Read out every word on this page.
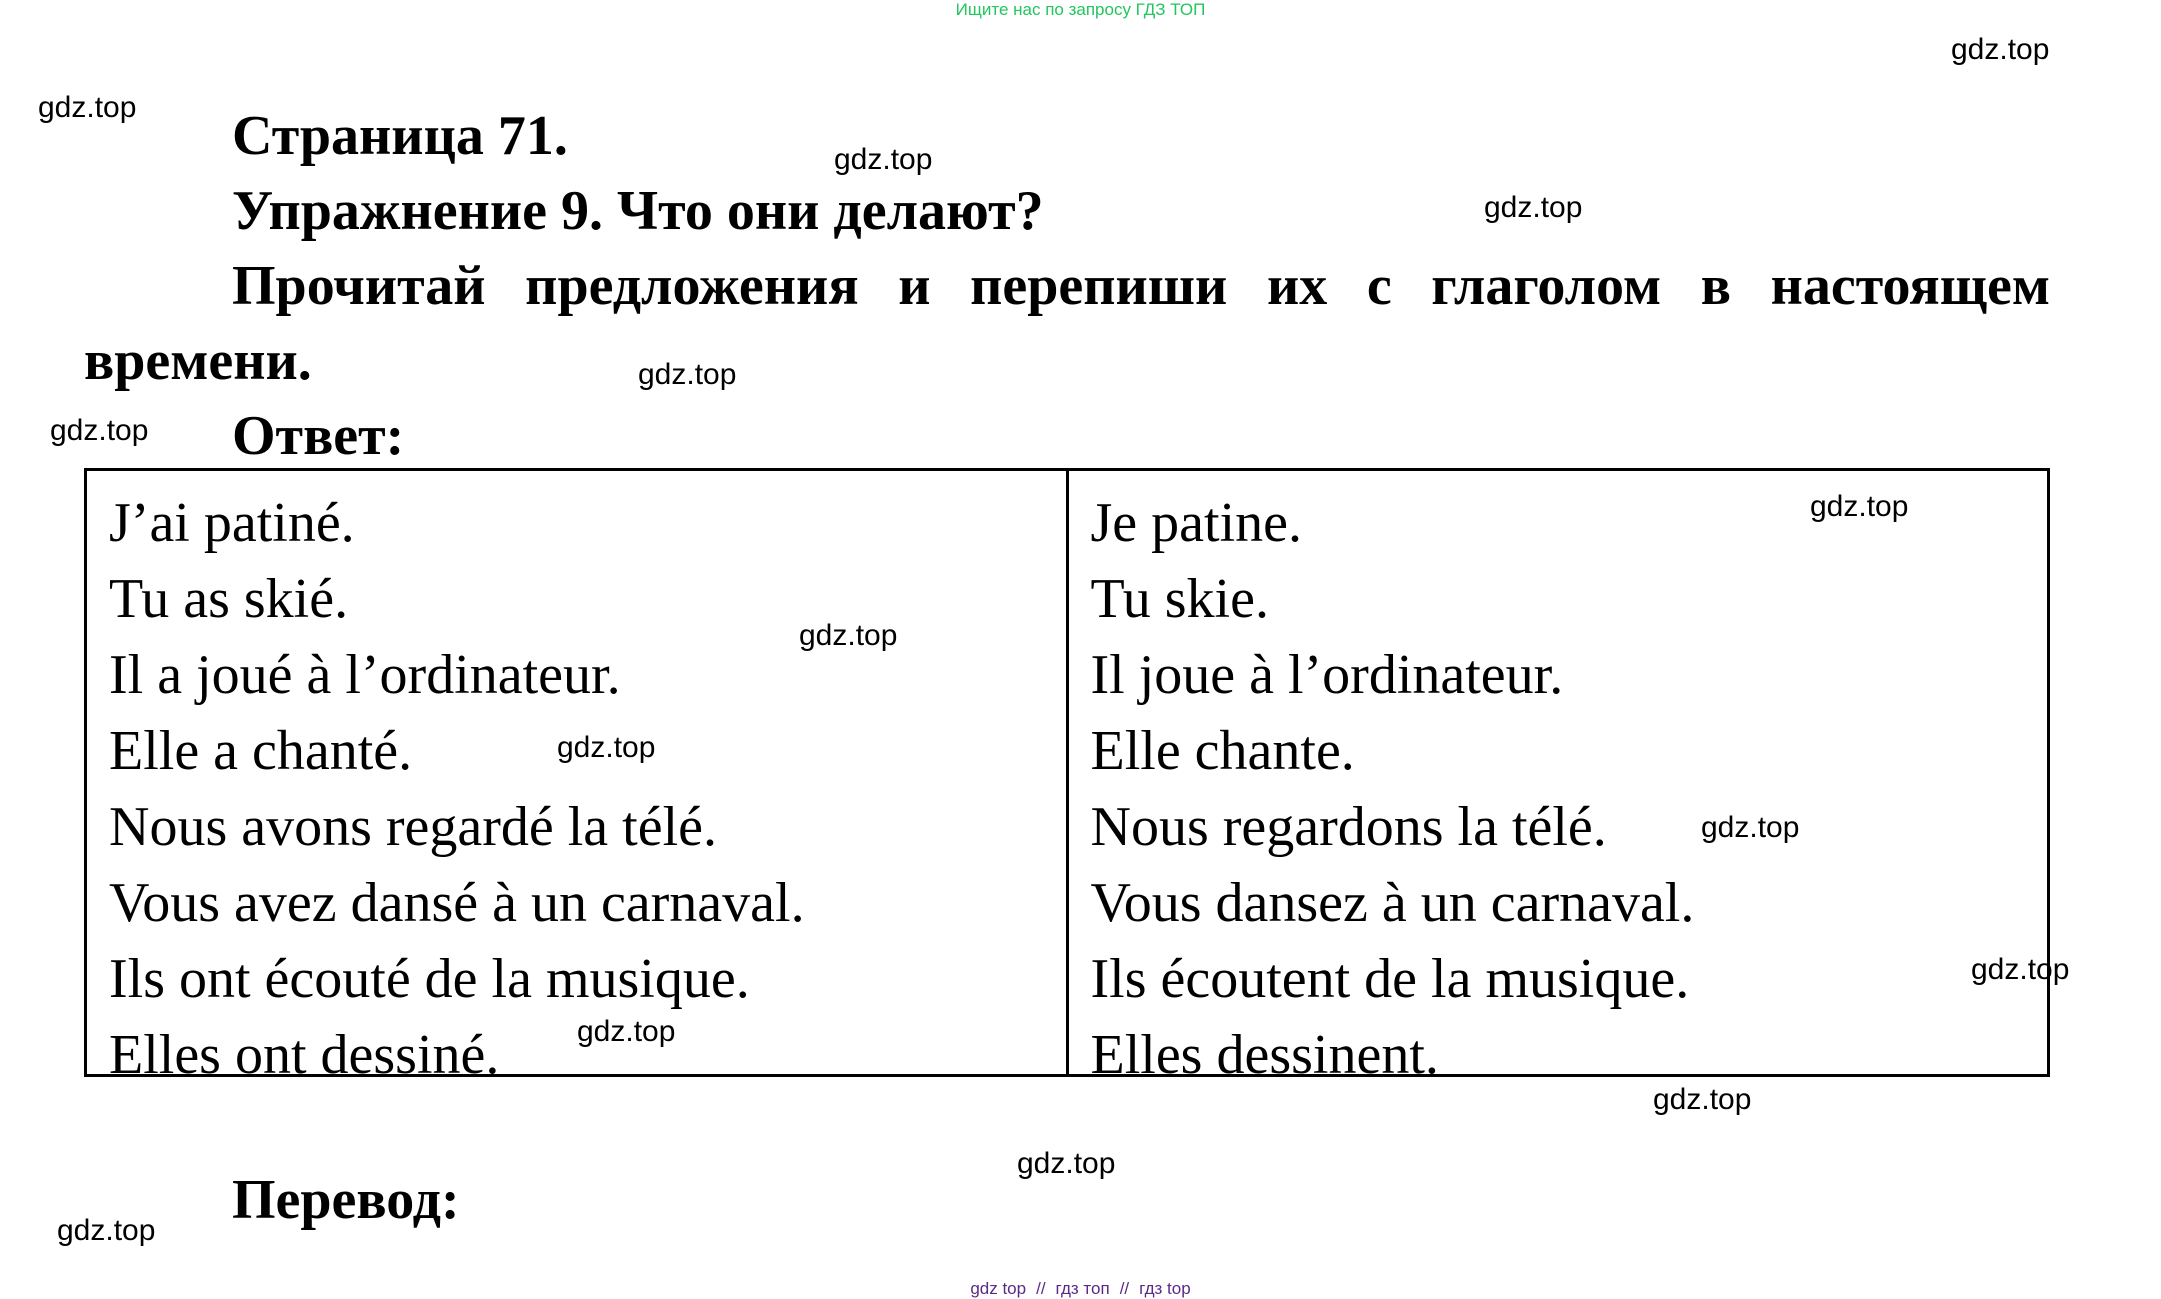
Ищите нас по запросу ГДЗ ТОП
Страница 71.
Упражнение 9. Что они делают?
Прочитай предложения и перепиши их с глаголом в настоящем
времени.
Ответ:
J’ai patiné.
Tu as skié.
Il a joué à l’ordinateur.
Elle a chanté.
Nous avons regardé la télé.
Vous avez dansé à un carnaval.
Ils ont écouté de la musique.
Elles ont dessiné.
Je patine.
Tu skie.
Il joue à l’ordinateur.
Elle chante.
Nous regardons la télé.
Vous dansez à un carnaval.
Ils écoutent de la musique.
Elles dessinent.
Перевод:
gdz.top
gdz.top
gdz.top
gdz.top
gdz.top
gdz.top
gdz.top
gdz.top
gdz.top
gdz.top
gdz.top
gdz.top
gdz.top
gdz.top
gdz.top
gdz top // гдз топ // гдз top
